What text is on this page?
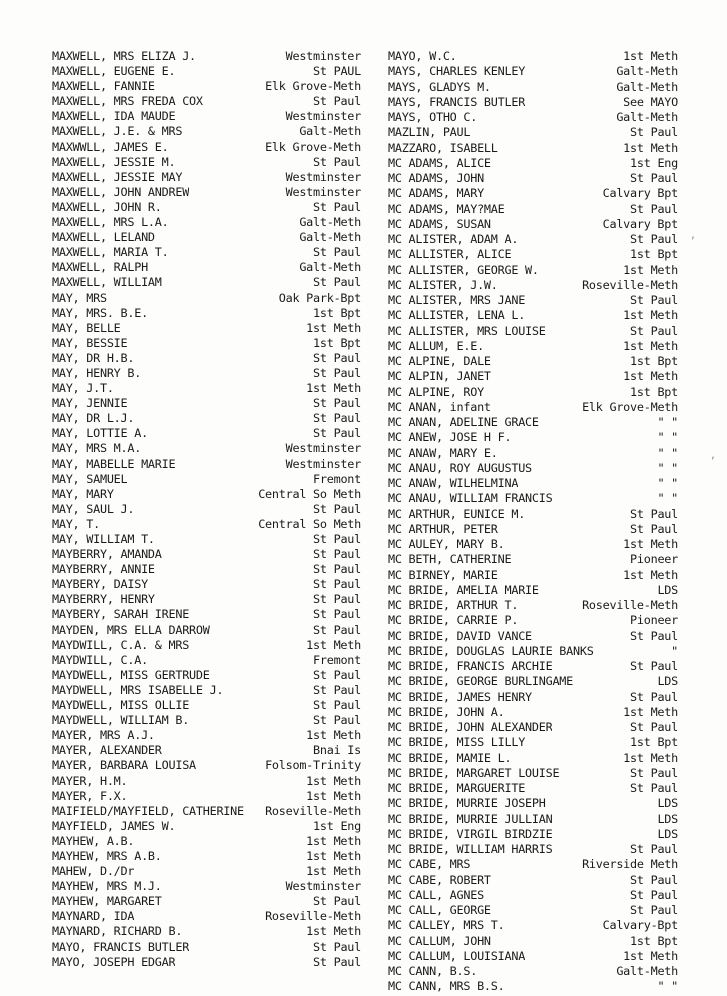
MAXWELL, MRS ELIZA J.	Westminster
MAXWELL, EUGENE E.	St PAUL
MAXWELL, FANNIE	Elk Grove-Meth
MAXWELL, MRS FREDA COX	St Paul
MAXWELL, IDA MAUDE	Westminster
MAXWELL, J.E. & MRS	Galt-Meth
MAXWWLL, JAMES E.	Elk Grove-Meth
MAXWELL, JESSIE M.	St Paul
MAXWELL, JESSIE MAY	Westminster
MAXWELL, JOHN ANDREW	Westminster
MAXWELL, JOHN R.	St Paul
MAXWELL, MRS L.A.	Galt-Meth
MAXWELL, LELAND	Galt-Meth
MAXWELL, MARIA T.	St Paul
MAXWELL, RALPH	Galt-Meth
MAXWELL, WILLIAM	St Paul
MAY, MRS	Oak Park-Bpt
MAY, MRS. B.E.	1st Bpt
MAY, BELLE	1st Meth
MAY, BESSIE	1st Bpt
MAY, DR H.B.	St Paul
MAY, HENRY B.	St Paul
MAY, J.T.	1st Meth
MAY, JENNIE	St Paul
MAY, DR L.J.	St Paul
MAY, LOTTIE A.	St Paul
MAY, MRS M.A.	Westminster
MAY, MABELLE MARIE	Westminster
MAY, SAMUEL	Fremont
MAY, MARY	Central So Meth
MAY, SAUL J.	St Paul
MAY, T.	Central So Meth
MAY, WILLIAM T.	St Paul
MAYBERRY, AMANDA	St Paul
MAYBERRY, ANNIE	St Paul
MAYBERY, DAISY	St Paul
MAYBERRY, HENRY	St Paul
MAYBERY, SARAH IRENE	St Paul
MAYDEN, MRS ELLA DARROW	St Paul
MAYDWILL, C.A. & MRS	1st Meth
MAYDWILL, C.A.	Fremont
MAYDWELL, MISS GERTRUDE	St Paul
MAYDWELL, MRS ISABELLE J.	St Paul
MAYDWELL, MISS OLLIE	St Paul
MAYDWELL, WILLIAM B.	St Paul
MAYER, MRS A.J.	1st Meth
MAYER, ALEXANDER	Bnai Is
MAYER, BARBARA LOUISA	Folsom-Trinity
MAYER, H.M.	1st Meth
MAYER, F.X.	1st Meth
MAIFIELD/MAYFIELD, CATHERINE	Roseville-Meth
MAYFIELD, JAMES W.	1st Eng
MAYHEW, A.B.	1st Meth
MAYHEW, MRS A.B.	1st Meth
MAHEW, D./Dr	1st Meth
MAYHEW, MRS M.J.	Westminster
MAYHEW, MARGARET	St Paul
MAYNARD, IDA	Roseville-Meth
MAYNARD, RICHARD B.	1st Meth
MAYO, FRANCIS BUTLER	St Paul
MAYO, JOSEPH EDGAR	St Paul
MAYO, W.C.	1st Meth
MAYS, CHARLES KENLEY	Galt-Meth
MAYS, GLADYS M.	Galt-Meth
MAYS, FRANCIS BUTLER	See MAYO
MAYS, OTHO C.	Galt-Meth
MAZLIN, PAUL	St Paul
MAZZARO, ISABELL	1st Meth
MC ADAMS, ALICE	1st Eng
MC ADAMS, JOHN	St Paul
MC ADAMS, MARY	Calvary Bpt
MC ADAMS, MAY?MAE	St Paul
MC ADAMS, SUSAN	Calvary Bpt
MC ALISTER, ADAM A.	St Paul
MC ALLISTER, ALICE	1st Bpt
MC ALLISTER, GEORGE W.	1st Meth
MC ALISTER, J.W.	Roseville-Meth
MC ALISTER, MRS JANE	St Paul
MC ALLISTER, LENA L.	1st Meth
MC ALLISTER, MRS LOUISE	St Paul
MC ALLUM, E.E.	1st Meth
MC ALPINE, DALE	1st Bpt
MC ALPIN, JANET	1st Meth
MC ALPINE, ROY	1st Bpt
MC ANAN, infant	Elk Grove-Meth
MC ANAN, ADELINE GRACE	" "
MC ANEW, JOSE H F.	" "
MC ANAW, MARY E.	" "
MC ANAU, ROY AUGUSTUS	" "
MC ANAW, WILHELMINA	" "
MC ANAU, WILLIAM FRANCIS	" "
MC ARTHUR, EUNICE M.	St Paul
MC ARTHUR, PETER	St Paul
MC AULEY, MARY B.	1st Meth
MC BETH, CATHERINE	Pioneer
MC BIRNEY, MARIE	1st Meth
MC BRIDE, AMELIA MARIE	LDS
MC BRIDE, ARTHUR T.	Roseville-Meth
MC BRIDE, CARRIE P.	Pioneer
MC BRIDE, DAVID VANCE	St Paul
MC BRIDE, DOUGLAS LAURIE BANKS	"
MC BRIDE, FRANCIS ARCHIE	St Paul
MC BRIDE, GEORGE BURLINGAME	LDS
MC BRIDE, JAMES HENRY	St Paul
MC BRIDE, JOHN A.	1st Meth
MC BRIDE, JOHN ALEXANDER	St Paul
MC BRIDE, MISS LILLY	1st Bpt
MC BRIDE, MAMIE L.	1st Meth
MC BRIDE, MARGARET LOUISE	St Paul
MC BRIDE, MARGUERITE	St Paul
MC BRIDE, MURRIE JOSEPH	LDS
MC BRIDE, MURRIE JULLIAN	LDS
MC BRIDE, VIRGIL BIRDZIE	LDS
MC BRIDE, WILLIAM HARRIS	St Paul
MC CABE, MRS	Riverside Meth
MC CABE, ROBERT	St Paul
MC CALL, AGNES	St Paul
MC CALL, GEORGE	St Paul
MC CALLEY, MRS T.	Calvary-Bpt
MC CALLUM, JOHN	1st Bpt
MC CALLUM, LOUISIANA	1st Meth
MC CANN, B.S.	Galt-Meth
MC CANN, MRS B.S.	" "
,
,
